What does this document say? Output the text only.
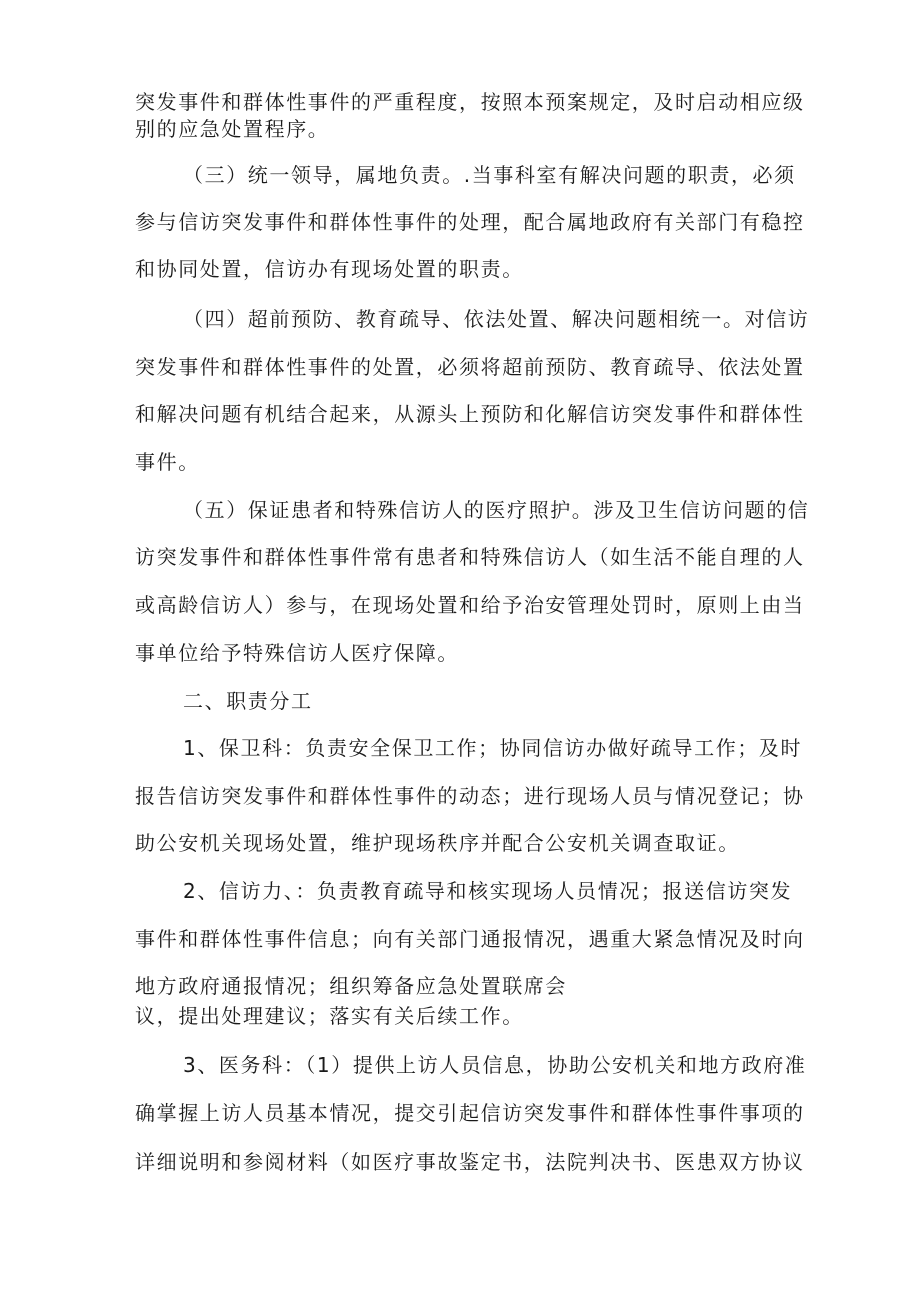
突发事件和群体性事件的严重程度，按照本预案规定，及时启动相应级
别的应急处置程序。
（三）统一领导，属地负责。.当事科室有解决问题的职责，必须
参与信访突发事件和群体性事件的处理，配合属地政府有关部门有稳控
和协同处置，信访办有现场处置的职责。
（四）超前预防、教育疏导、依法处置、解决问题相统一。对信访
突发事件和群体性事件的处置，必须将超前预防、教育疏导、依法处置
和解决问题有机结合起来，从源头上预防和化解信访突发事件和群体性
事件。
（五）保证患者和特殊信访人的医疗照护。涉及卫生信访问题的信
访突发事件和群体性事件常有患者和特殊信访人（如生活不能自理的人
或高龄信访人）参与，在现场处置和给予治安管理处罚时，原则上由当
事单位给予特殊信访人医疗保障。
二、职责分工
1、保卫科：负责安全保卫工作；协同信访办做好疏导工作；及时
报告信访突发事件和群体性事件的动态；进行现场人员与情况登记；协
助公安机关现场处置，维护现场秩序并配合公安机关调查取证。
2、信访力、：负责教育疏导和核实现场人员情况；报送信访突发
事件和群体性事件信息；向有关部门通报情况，遇重大紧急情况及时向
地方政府通报情况；组织筹备应急处置联席会
议，提出处理建议；落实有关后续工作。
3、医务科：（1）提供上访人员信息，协助公安机关和地方政府准
确掌握上访人员基本情况，提交引起信访突发事件和群体性事件事项的
详细说明和参阅材料（如医疗事故鉴定书，法院判决书、医患双方协议
